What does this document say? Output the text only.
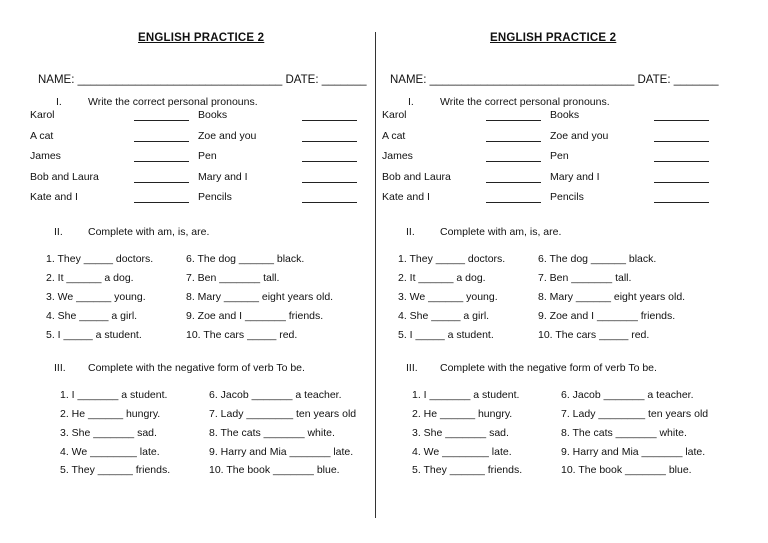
ENGLISH PRACTICE 2
NAME: ________________________________ DATE: _______
I. Write the correct personal pronouns.
Karol	Books
A cat	Zoe and you
James	Pen
Bob and Laura	Mary and I
Kate and I	Pencils
II. Complete with am, is, are.
1. They _____ doctors.
2. It ______ a dog.
3. We ______ young.
4. She _____ a girl.
5. I _____ a student.
6. The dog ______ black.
7. Ben _______ tall.
8. Mary ______ eight years old.
9. Zoe and I _______ friends.
10. The cars _____ red.
III. Complete with the negative form of verb To be.
1. I _______ a student.
2. He ______ hungry.
3. She _______ sad.
4. We ________ late.
5. They ______ friends.
6. Jacob _______ a teacher.
7. Lady ________ ten years old
8. The cats _______ white.
9. Harry and Mia _______ late.
10. The book _______ blue.
ENGLISH PRACTICE 2
NAME: ________________________________ DATE: _______
I. Write the correct personal pronouns.
Karol	Books
A cat	Zoe and you
James	Pen
Bob and Laura	Mary and I
Kate and I	Pencils
II. Complete with am, is, are.
1. They _____ doctors.
2. It ______ a dog.
3. We ______ young.
4. She _____ a girl.
5. I _____ a student.
6. The dog ______ black.
7. Ben _______ tall.
8. Mary ______ eight years old.
9. Zoe and I _______ friends.
10. The cars _____ red.
III. Complete with the negative form of verb To be.
1. I _______ a student.
2. He ______ hungry.
3. She _______ sad.
4. We ________ late.
5. They ______ friends.
6. Jacob _______ a teacher.
7. Lady ________ ten years old
8. The cats _______ white.
9. Harry and Mia _______ late.
10. The book _______ blue.
